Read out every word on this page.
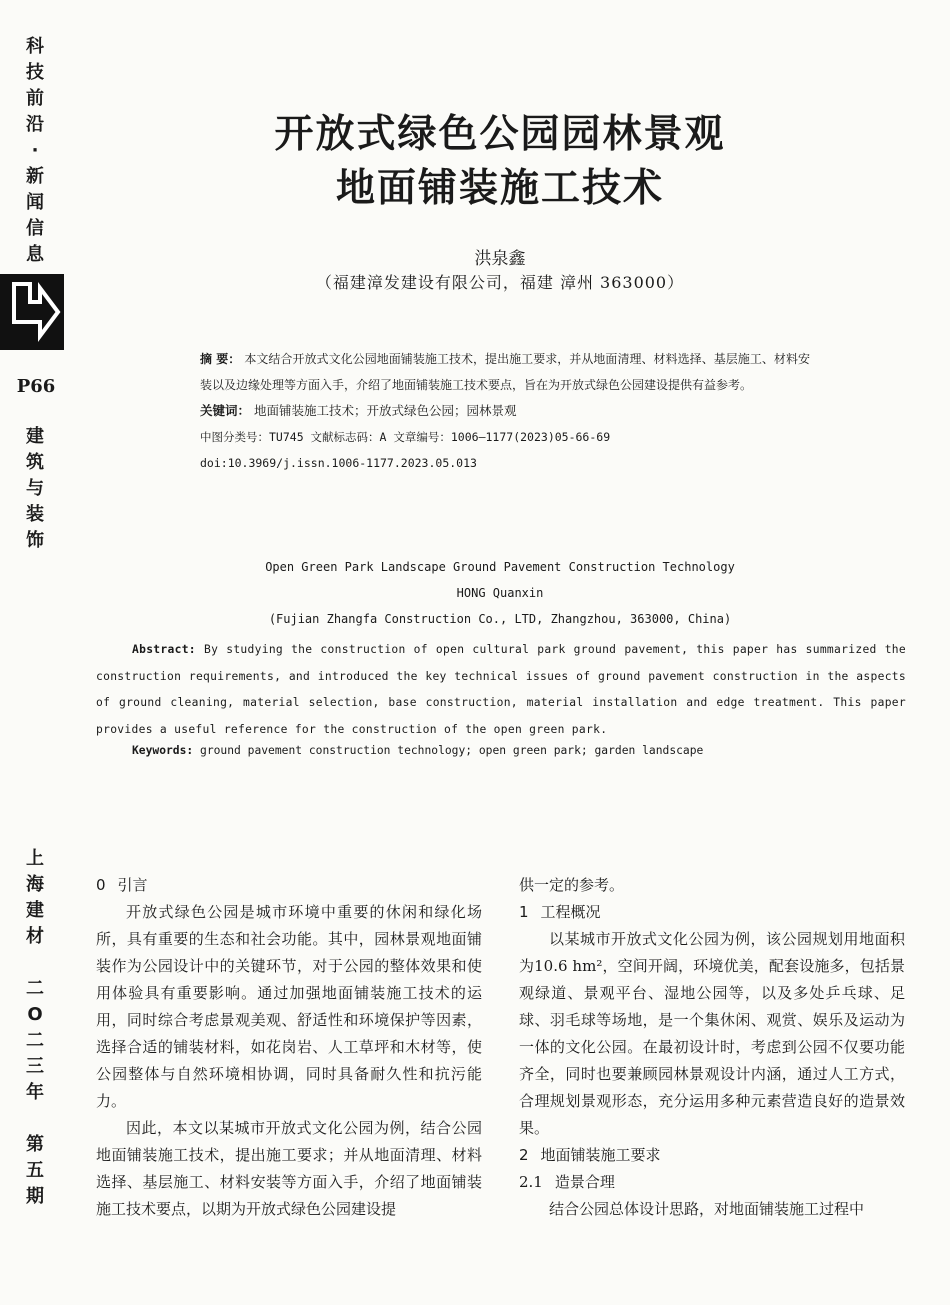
科
技
前
沿
·
新
闻
信
息
P66
建
筑
与
装
饰
上
海
建
材

二
O
二
三
年

第
五
期
开放式绿色公园园林景观
地面铺装施工技术
洪泉鑫
（福建漳发建设有限公司，福建 漳州 363000）
摘 要： 本文结合开放式文化公园地面铺装施工技术，提出施工要求，并从地面清理、材料选择、基层施工、材料安装以及边缘处理等方面入手，介绍了地面铺装施工技术要点，旨在为开放式绿色公园建设提供有益参考。
关键词： 地面铺装施工技术；开放式绿色公园；园林景观
中图分类号：TU745 文献标志码：A 文章编号：1006—1177(2023)05-66-69
doi:10.3969/j.issn.1006-1177.2023.05.013
Open Green Park Landscape Ground Pavement Construction Technology
HONG Quanxin
(Fujian Zhangfa Construction Co., LTD, Zhangzhou, 363000, China)
Abstract: By studying the construction of open cultural park ground pavement, this paper has summarized the construction requirements, and introduced the key technical issues of ground pavement construction in the aspects of ground cleaning, material selection, base construction, material installation and edge treatment. This paper provides a useful reference for the construction of the open green park.
Keywords: ground pavement construction technology; open green park; garden landscape
0 引言

开放式绿色公园是城市环境中重要的休闲和绿化场所，具有重要的生态和社会功能。其中，园林景观地面铺装作为公园设计中的关键环节，对于公园的整体效果和使用体验具有重要影响。通过加强地面铺装施工技术的运用，同时综合考虑景观美观、舒适性和环境保护等因素，选择合适的铺装材料，如花岗岩、人工草坪和木材等，使公园整体与自然环境相协调，同时具备耐久性和抗污能力。

因此，本文以某城市开放式文化公园为例，结合公园地面铺装施工技术，提出施工要求；并从地面清理、材料选择、基层施工、材料安装等方面入手，介绍了地面铺装施工技术要点，以期为开放式绿色公园建设提

供一定的参考。

1 工程概况

以某城市开放式文化公园为例，该公园规划用地面积为10.6 hm²，空间开阔，环境优美，配套设施多，包括景观绿道、景观平台、湿地公园等，以及多处乒乓球、足球、羽毛球等场地，是一个集休闲、观赏、娱乐及运动为一体的文化公园。在最初设计时，考虑到公园不仅要功能齐全，同时也要兼顾园林景观设计内涵，通过人工方式，合理规划景观形态，充分运用多种元素营造良好的造景效果。

2 地面铺装施工要求
2.1 造景合理

结合公园总体设计思路，对地面铺装施工过程中
